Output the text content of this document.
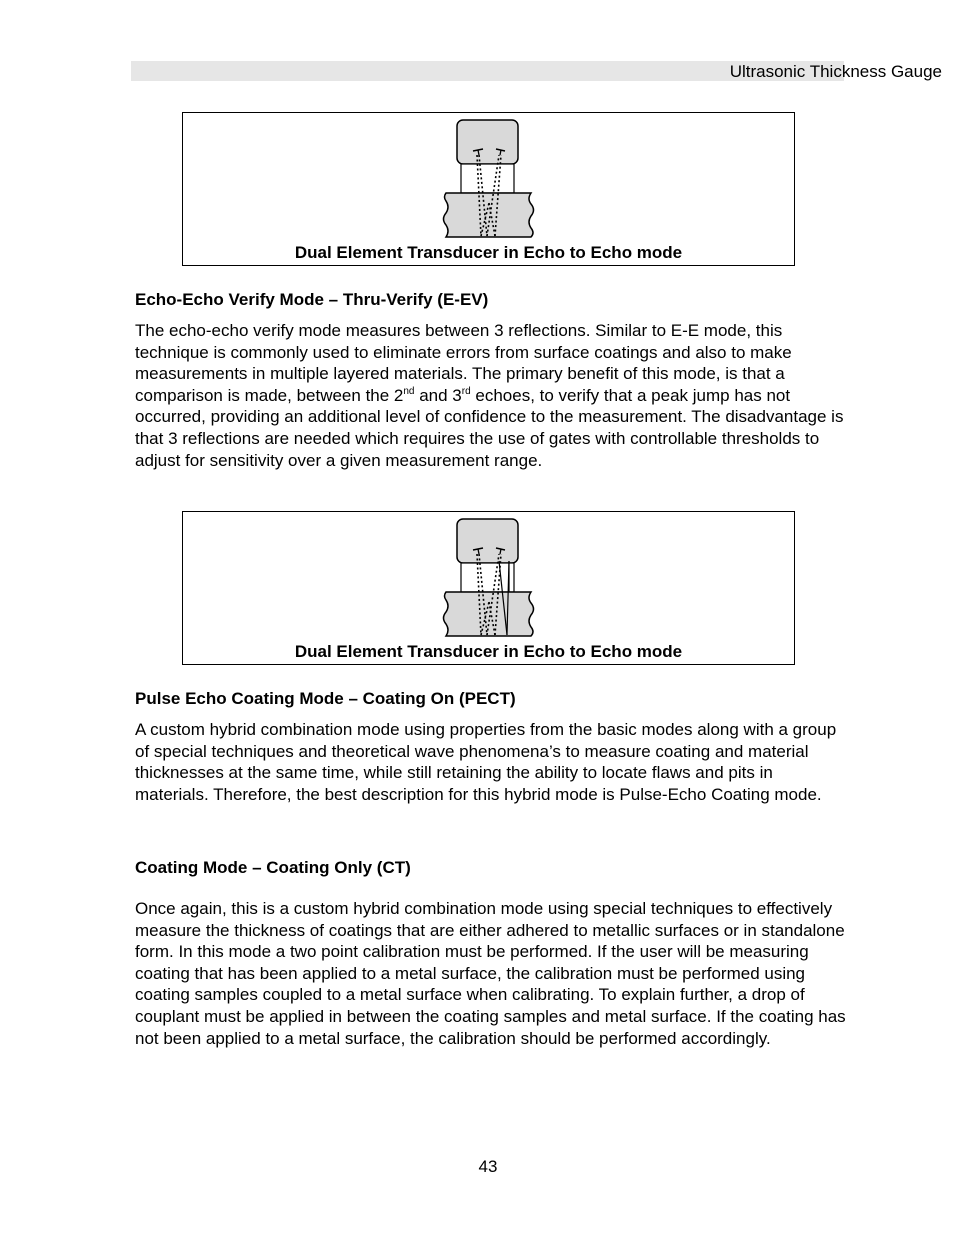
Ultrasonic Thickness Gauge
Dual Element Transducer in Echo to Echo mode
Echo-Echo Verify Mode – Thru-Verify (E-EV)
The echo-echo verify mode measures between 3 reflections. Similar to E-E mode, this technique is commonly used to eliminate errors from surface coatings and also to make measurements in multiple layered materials. The primary benefit of this mode, is that a comparison is made, between the 2nd and 3rd echoes, to verify that a peak jump has not occurred, providing an additional level of confidence to the measurement. The disadvantage is that 3 reflections are needed which requires the use of gates with controllable thresholds to adjust for sensitivity over a given measurement range.
Dual Element Transducer in Echo to Echo mode
Pulse Echo Coating Mode – Coating On (PECT)
A custom hybrid combination mode using properties from the basic modes along with a group of special techniques and theoretical wave phenomena’s to measure coating and material thicknesses at the same time, while still retaining the ability to locate flaws and pits in materials. Therefore, the best description for this hybrid mode is Pulse-Echo Coating mode.
Coating Mode – Coating Only (CT)
Once again, this is a custom hybrid combination mode using special techniques to effectively measure the thickness of coatings that are either adhered to metallic surfaces or in standalone form. In this mode a two point calibration must be performed. If the user will be measuring coating that has been applied to a metal surface, the calibration must be performed using coating samples coupled to a metal surface when calibrating. To explain further, a drop of couplant must be applied in between the coating samples and metal surface. If the coating has not been applied to a metal surface, the calibration should be performed accordingly.
43
